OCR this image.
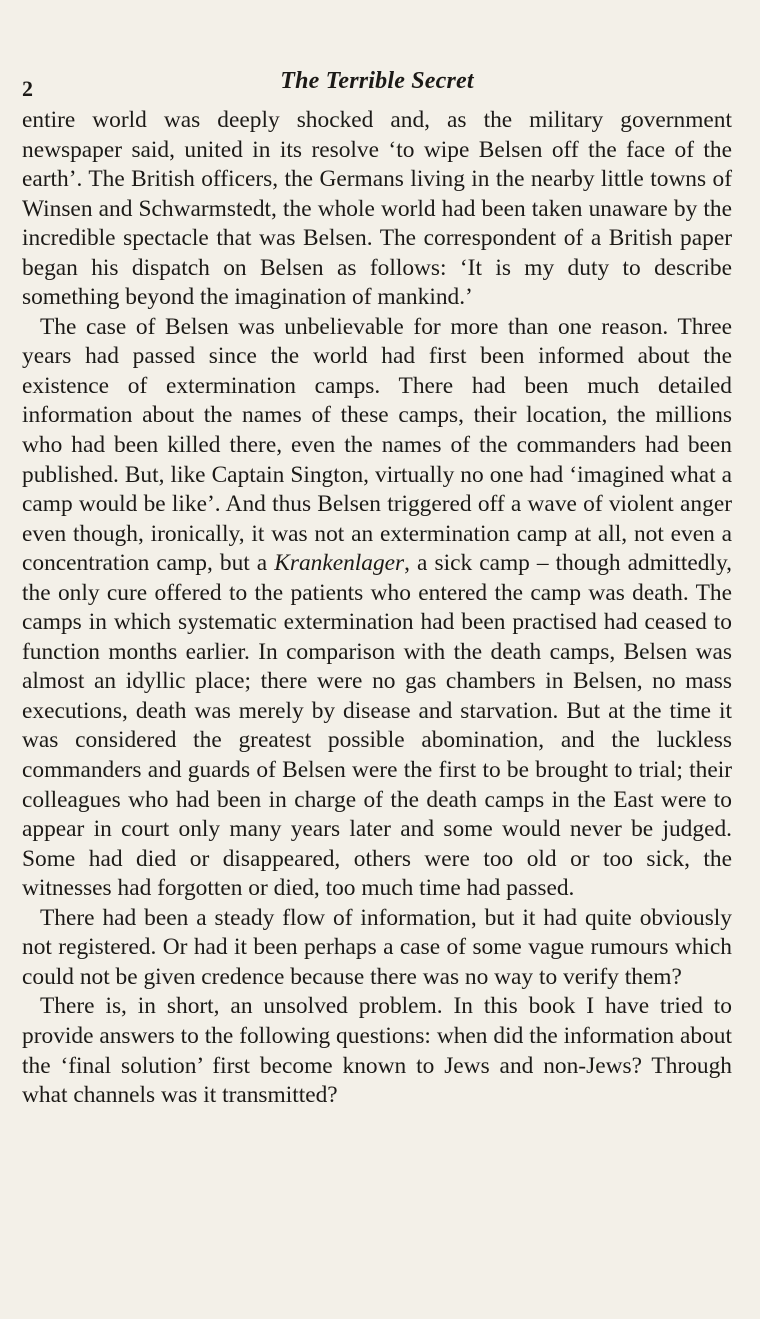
2	The Terrible Secret

entire world was deeply shocked and, as the military government newspaper said, united in its resolve ‘to wipe Belsen off the face of the earth’. The British officers, the Germans living in the nearby little towns of Winsen and Schwarmstedt, the whole world had been taken unaware by the incredible spectacle that was Belsen. The correspondent of a British paper began his dispatch on Belsen as follows: ‘It is my duty to describe something beyond the imagination of mankind.’

The case of Belsen was unbelievable for more than one reason. Three years had passed since the world had first been informed about the existence of extermination camps. There had been much detailed information about the names of these camps, their location, the millions who had been killed there, even the names of the commanders had been published. But, like Captain Sington, virtually no one had ‘imagined what a camp would be like’. And thus Belsen triggered off a wave of violent anger even though, ironically, it was not an extermination camp at all, not even a concentration camp, but a Krankenlager, a sick camp – though admittedly, the only cure offered to the patients who entered the camp was death. The camps in which systematic extermination had been practised had ceased to function months earlier. In comparison with the death camps, Belsen was almost an idyllic place; there were no gas chambers in Belsen, no mass executions, death was merely by disease and starvation. But at the time it was considered the greatest possible abomination, and the luckless commanders and guards of Belsen were the first to be brought to trial; their colleagues who had been in charge of the death camps in the East were to appear in court only many years later and some would never be judged. Some had died or disappeared, others were too old or too sick, the witnesses had forgotten or died, too much time had passed.

There had been a steady flow of information, but it had quite obviously not registered. Or had it been perhaps a case of some vague rumours which could not be given credence because there was no way to verify them?

There is, in short, an unsolved problem. In this book I have tried to provide answers to the following questions: when did the information about the ‘final solution’ first become known to Jews and non-Jews? Through what channels was it transmitted?
